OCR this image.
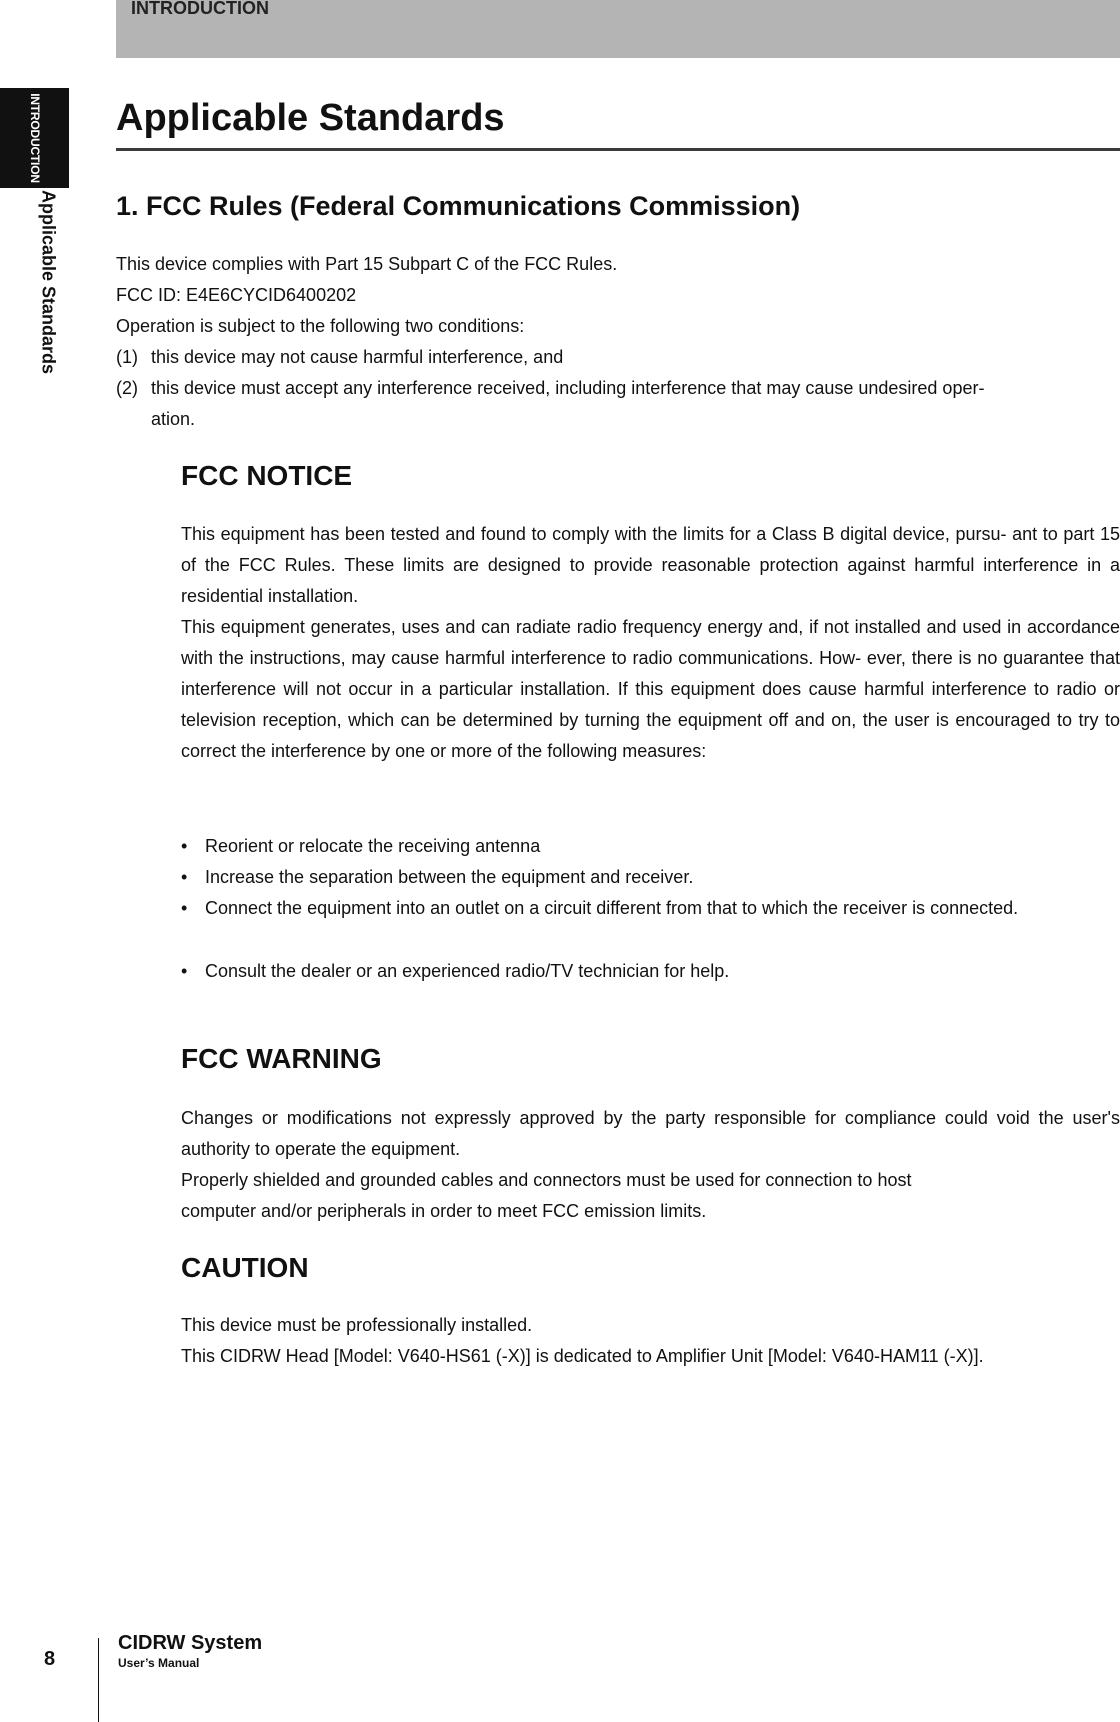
INTRODUCTION
INTRODUCTION
Applicable Standards
Applicable Standards
1. FCC Rules (Federal Communications Commission)

This device complies with Part 15 Subpart C of the FCC Rules.

FCC ID: E4E6CYCID6400202

Operation is subject to the following two conditions:

(1) this device may not cause harmful interference, and

(2) this device must accept any interference received, including interference that may cause undesired oper-

ation.

FCC NOTICE

This equipment has been tested and found to comply with the limits for a Class B digital device, pursu- ant to part 15 of the FCC Rules. These limits are designed to provide reasonable protection against harmful interference in a residential installation.

This equipment generates, uses and can radiate radio frequency energy and, if not installed and used in accordance with the instructions, may cause harmful interference to radio communications. How- ever, there is no guarantee that interference will not occur in a particular installation. If this equipment does cause harmful interference to radio or television reception, which can be determined by turning the equipment off and on, the user is encouraged to try to correct the interference by one or more of the following measures:

• Reorient or relocate the receiving antenna

• Increase the separation between the equipment and receiver.

• Connect the equipment into an outlet on a circuit different from that to which the receiver is connected.

• Consult the dealer or an experienced radio/TV technician for help.

FCC WARNING

Changes or modifications not expressly approved by the party responsible for compliance could void the user's authority to operate the equipment.

Properly shielded and grounded cables and connectors must be used for connection to host

computer and/or peripherals in order to meet FCC emission limits.

CAUTION

This device must be professionally installed.

This CIDRW Head [Model: V640-HS61 (-X)] is dedicated to Amplifier Unit [Model: V640-HAM11 (-X)].

8
CIDRW System
User’s Manual
